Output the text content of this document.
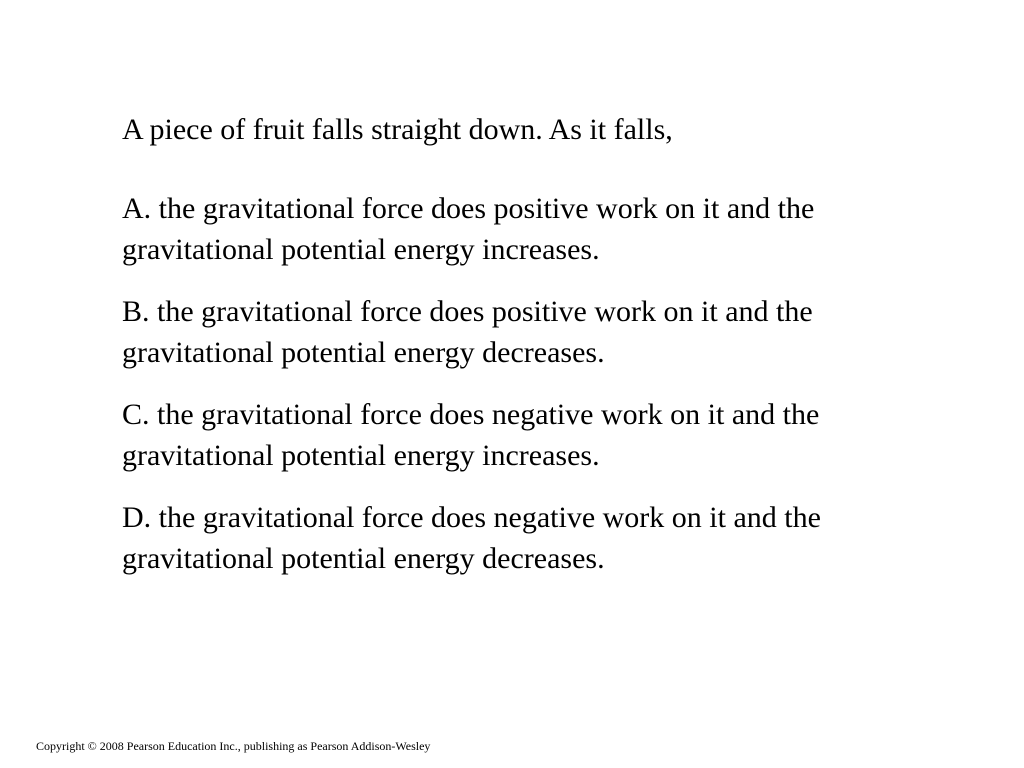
A piece of fruit falls straight down. As it falls,

A. the gravitational force does positive work on it and the
gravitational potential energy increases.
B. the gravitational force does positive work on it and the
gravitational potential energy decreases.
C. the gravitational force does negative work on it and the
gravitational potential energy increases.
D. the gravitational force does negative work on it and the
gravitational potential energy decreases.
Copyright © 2008 Pearson Education Inc., publishing as Pearson Addison-Wesley
